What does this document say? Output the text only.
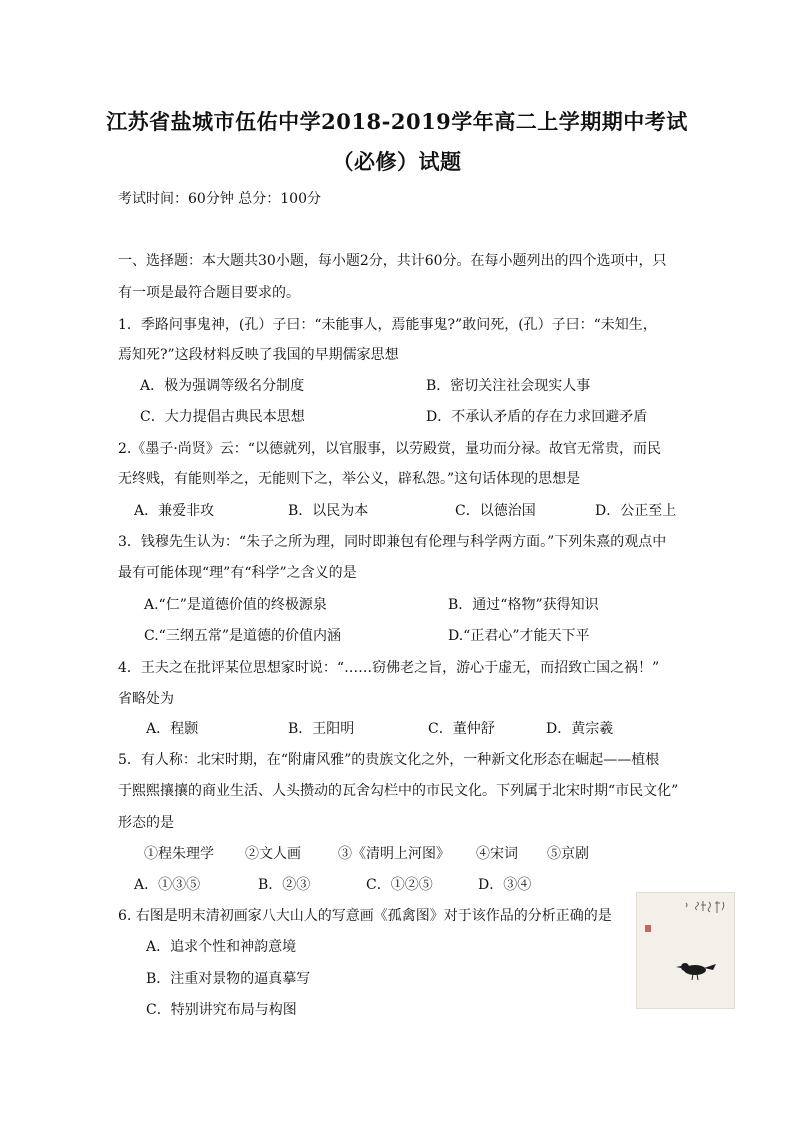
江苏省盐城市伍佑中学2018-2019学年高二上学期期中考试
（必修）试题
考试时间：60分钟 总分：100分
一、选择题：本大题共30小题，每小题2分，共计60分。在每小题列出的四个选项中，只
有一项是最符合题目要求的。
1．季路问事鬼神，(孔）子曰：“未能事人，焉能事鬼?”敢问死，(孔）子曰：“未知生，
焉知死?”这段材料反映了我国的早期儒家思想
A．极为强调等级名分制度	B．密切关注社会现实人事
C．大力提倡古典民本思想	D．不承认矛盾的存在力求回避矛盾
2.《墨子·尚贤》云：“以德就列，以官服事，以劳殿赏，量功而分禄。故官无常贵，而民
无终贱，有能则举之，无能则下之，举公义，辟私怨。”这句话体现的思想是
A．兼爱非攻	B．以民为本	C．以德治国	D．公正至上
3．钱穆先生认为：“朱子之所为理，同时即兼包有伦理与科学两方面。”下列朱熹的观点中
最有可能体现“理”有“科学”之含义的是
A.“仁”是道德价值的终极源泉	B．通过“格物”获得知识
C.“三纲五常”是道德的价值内涵	D.“正君心”才能天下平
4．王夫之在批评某位思想家时说：“……窃佛老之旨，游心于虚无，而招致亡国之祸！”
省略处为
A．程颢	B．王阳明	C．董仲舒	D．黄宗羲
5．有人称：北宋时期，在“附庸风雅”的贵族文化之外，一种新文化形态在崛起——植根
于熙熙攘攘的商业生活、人头攒动的瓦舍勾栏中的市民文化。下列属于北宋时期“市民文化”
形态的是
①程朱理学 ②文人画	③《清明上河图》 ④宋词 ⑤京剧
A．①③⑤	B．②③	C．①②⑤	D．③④
6. 右图是明末清初画家八大山人的写意画《孤禽图》对于该作品的分析正确的是
A．追求个性和神韵意境
B．注重对景物的逼真摹写
C．特别讲究布局与构图
